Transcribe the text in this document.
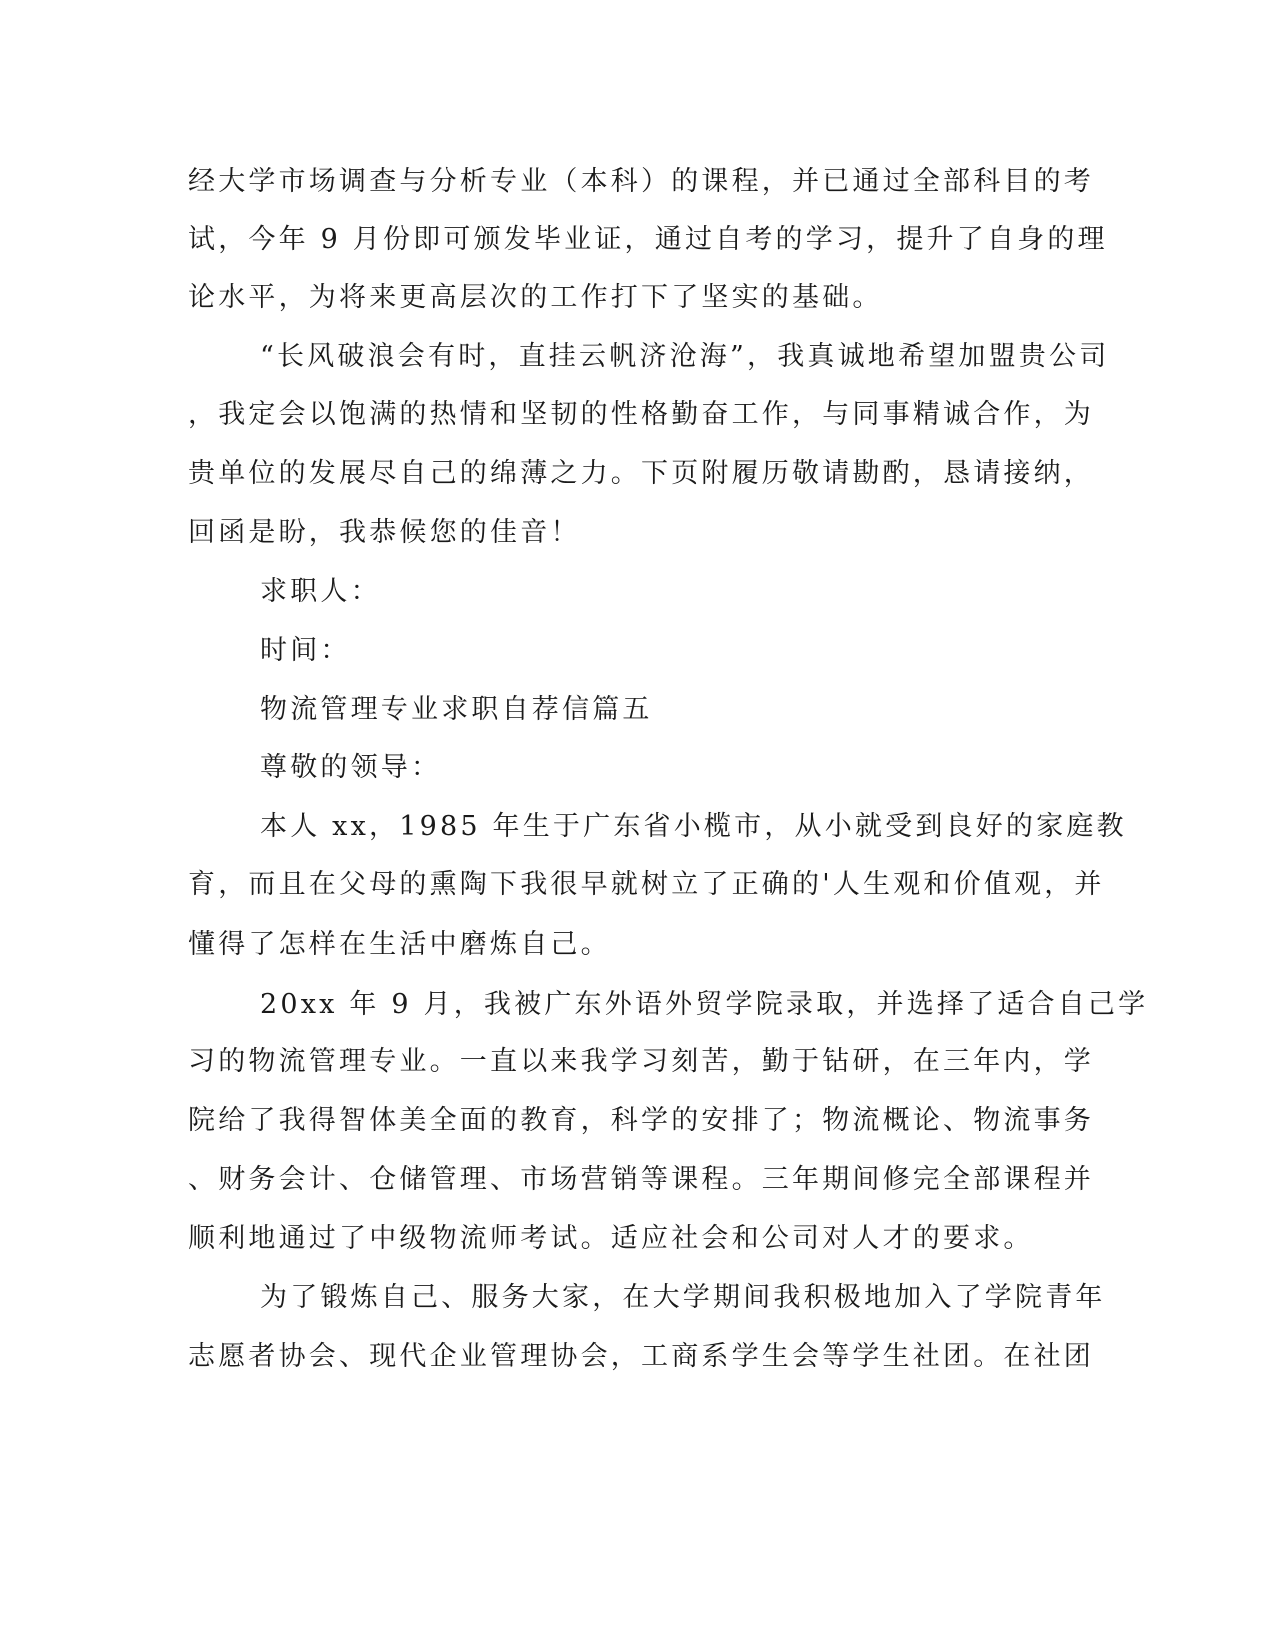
经大学市场调查与分析专业（本科）的课程，并已通过全部科目的考
试，今年 9 月份即可颁发毕业证，通过自考的学习，提升了自身的理
论水平，为将来更高层次的工作打下了坚实的基础。
“长风破浪会有时，直挂云帆济沧海”，我真诚地希望加盟贵公司
，我定会以饱满的热情和坚韧的性格勤奋工作，与同事精诚合作，为
贵单位的发展尽自己的绵薄之力。下页附履历敬请勘酌，恳请接纳，
回函是盼，我恭候您的佳音！
求职人：
时间：
物流管理专业求职自荐信篇五
尊敬的领导：
本人 xx，1985 年生于广东省小榄市，从小就受到良好的家庭教
育，而且在父母的熏陶下我很早就树立了正确的'人生观和价值观，并
懂得了怎样在生活中磨炼自己。
20xx 年 9 月，我被广东外语外贸学院录取，并选择了适合自己学
习的物流管理专业。一直以来我学习刻苦，勤于钻研，在三年内，学
院给了我得智体美全面的教育，科学的安排了；物流概论、物流事务
、财务会计、仓储管理、市场营销等课程。三年期间修完全部课程并
顺利地通过了中级物流师考试。适应社会和公司对人才的要求。
为了锻炼自己、服务大家，在大学期间我积极地加入了学院青年
志愿者协会、现代企业管理协会，工商系学生会等学生社团。在社团
